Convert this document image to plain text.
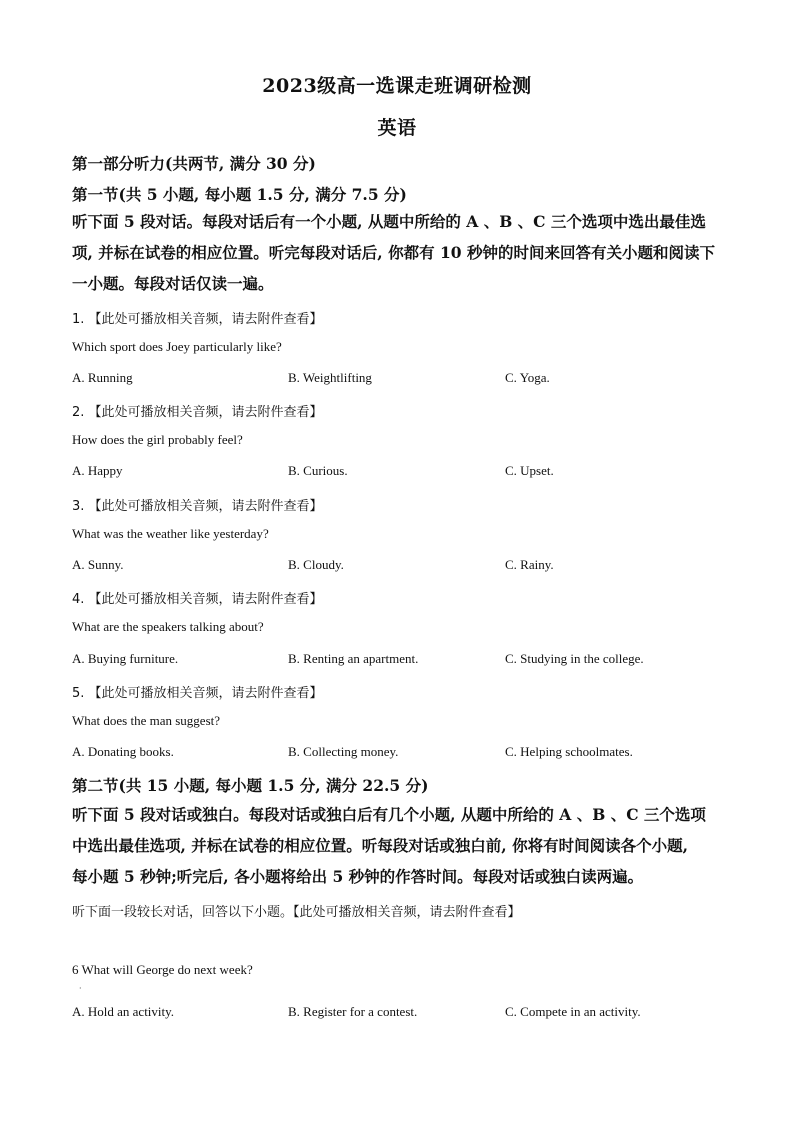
2023级高一选课走班调研检测
英语
第一部分听力(共两节, 满分 30 分)
第一节(共 5 小题, 每小题 1.5 分, 满分 7.5 分)
听下面 5 段对话。每段对话后有一个小题, 从题中所给的 A 、B 、C 三个选项中选出最佳选
项, 并标在试卷的相应位置。听完每段对话后, 你都有 10 秒钟的时间来回答有关小题和阅读下
一小题。每段对话仅读一遍。
1. 【此处可播放相关音频，请去附件查看】
Which sport does Joey particularly like?
A. Running	B. Weightlifting	C. Yoga.
2. 【此处可播放相关音频，请去附件查看】
How does the girl probably feel?
A. Happy	B. Curious.	C. Upset.
3. 【此处可播放相关音频，请去附件查看】
What was the weather like yesterday?
A. Sunny.	B. Cloudy.	C. Rainy.
4. 【此处可播放相关音频，请去附件查看】
What are the speakers talking about?
A. Buying furniture.	B. Renting an apartment.	C. Studying in the college.
5. 【此处可播放相关音频，请去附件查看】
What does the man suggest?
A. Donating books.	B. Collecting money.	C. Helping schoolmates.
第二节(共 15 小题, 每小题 1.5 分, 满分 22.5 分)
听下面 5 段对话或独白。每段对话或独白后有几个小题, 从题中所给的 A 、B 、C 三个选项
中选出最佳选项, 并标在试卷的相应位置。听每段对话或独白前, 你将有时间阅读各个小题,
每小题 5 秒钟;听完后, 各小题将给出 5 秒钟的作答时间。每段对话或独白读两遍。
听下面一段较长对话，回答以下小题。【此处可播放相关音频，请去附件查看】
6 What will George do next week?
·
A. Hold an activity.	B. Register for a contest.	C. Compete in an activity.
